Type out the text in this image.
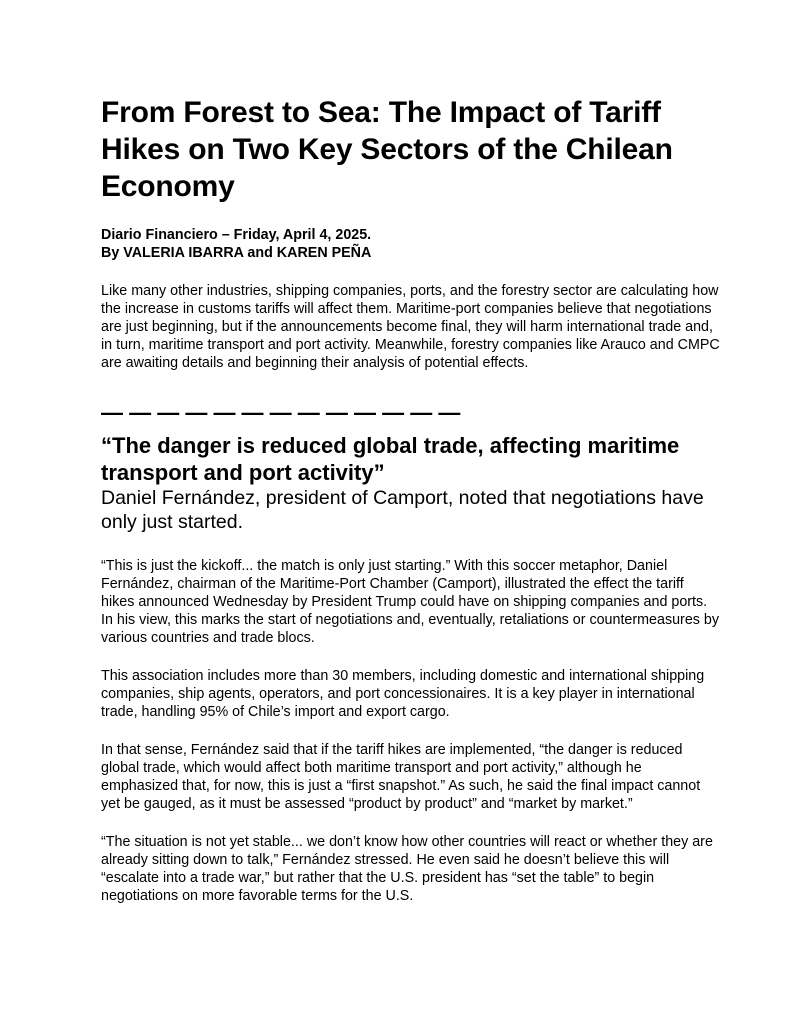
From Forest to Sea: The Impact of Tariff Hikes on Two Key Sectors of the Chilean Economy
Diario Financiero – Friday, April 4, 2025.
By VALERIA IBARRA and KAREN PEÑA

Like many other industries, shipping companies, ports, and the forestry sector are calculating how the increase in customs tariffs will affect them. Maritime-port companies believe that negotiations are just beginning, but if the announcements become final, they will harm international trade and, in turn, maritime transport and port activity. Meanwhile, forestry companies like Arauco and CMPC are awaiting details and beginning their analysis of potential effects.

— — — — — — — — — — — — —
“The danger is reduced global trade, affecting maritime transport and port activity”
Daniel Fernández, president of Camport, noted that negotiations have only just started.

“This is just the kickoff... the match is only just starting.” With this soccer metaphor, Daniel Fernández, chairman of the Maritime-Port Chamber (Camport), illustrated the effect the tariff hikes announced Wednesday by President Trump could have on shipping companies and ports. In his view, this marks the start of negotiations and, eventually, retaliations or countermeasures by various countries and trade blocs.

This association includes more than 30 members, including domestic and international shipping companies, ship agents, operators, and port concessionaires. It is a key player in international trade, handling 95% of Chile’s import and export cargo.

In that sense, Fernández said that if the tariff hikes are implemented, “the danger is reduced global trade, which would affect both maritime transport and port activity,” although he emphasized that, for now, this is just a “first snapshot.” As such, he said the final impact cannot yet be gauged, as it must be assessed “product by product” and “market by market.”

“The situation is not yet stable... we don’t know how other countries will react or whether they are already sitting down to talk,” Fernández stressed. He even said he doesn’t believe this will “escalate into a trade war,” but rather that the U.S. president has “set the table” to begin negotiations on more favorable terms for the U.S.
